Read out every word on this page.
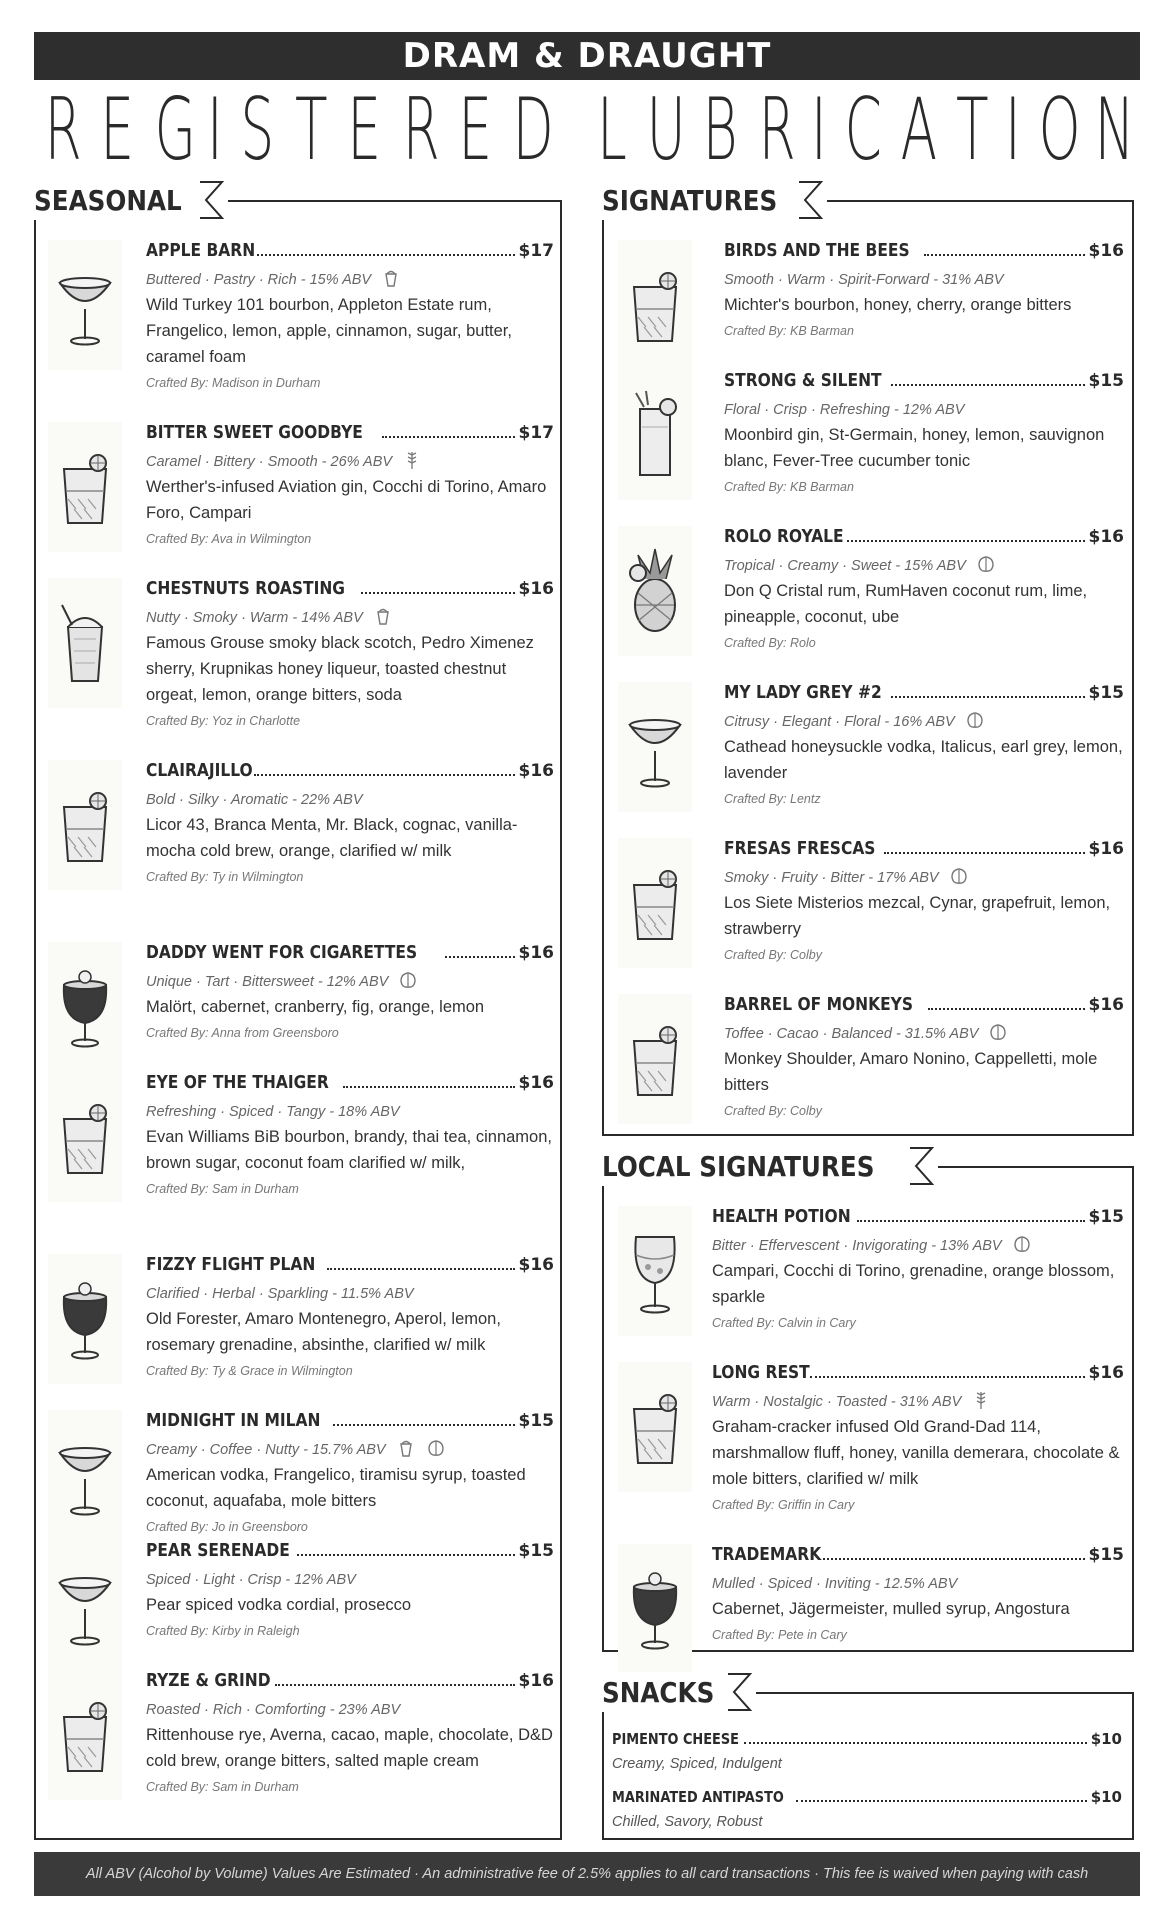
DRAM & DRAUGHT
R E G I S T E R E D
L U B R I C A T I O N
SEASONAL
APPLE BARN	$17
Buttered · Pastry · Rich - 15% ABV
Wild Turkey 101 bourbon, Appleton Estate rum, Frangelico, lemon, apple, cinnamon, sugar, butter, caramel foam
Crafted By: Madison in Durham
BITTER SWEET GOODBYE	$17
Caramel · Bittery · Smooth - 26% ABV
Werther's-infused Aviation gin, Cocchi di Torino, Amaro Foro, Campari
Crafted By: Ava in Wilmington
CHESTNUTS ROASTING	$16
Nutty · Smoky · Warm - 14% ABV
Famous Grouse smoky black scotch, Pedro Ximenez sherry, Krupnikas honey liqueur, toasted chestnut orgeat, lemon, orange bitters, soda
Crafted By: Yoz in Charlotte
CLAIRAJILLO	$16
Bold · Silky · Aromatic - 22% ABV
Licor 43, Branca Menta, Mr. Black, cognac, vanilla-mocha cold brew, orange, clarified w/ milk
Crafted By: Ty in Wilmington
DADDY WENT FOR CIGARETTES	$16
Unique · Tart · Bittersweet - 12% ABV
Malört, cabernet, cranberry, fig, orange, lemon
Crafted By: Anna from Greensboro
EYE OF THE THAIGER	$16
Refreshing · Spiced · Tangy - 18% ABV
Evan Williams BiB bourbon, brandy, thai tea, cinnamon, brown sugar, coconut foam clarified w/ milk,
Crafted By: Sam in Durham
FIZZY FLIGHT PLAN	$16
Clarified · Herbal · Sparkling - 11.5% ABV
Old Forester, Amaro Montenegro, Aperol, lemon, rosemary grenadine, absinthe, clarified w/ milk
Crafted By: Ty & Grace in Wilmington
MIDNIGHT IN MILAN	$15
Creamy · Coffee · Nutty - 15.7% ABV
American vodka, Frangelico, tiramisu syrup, toasted coconut, aquafaba, mole bitters
Crafted By: Jo in Greensboro
PEAR SERENADE	$15
Spiced · Light · Crisp - 12% ABV
Pear spiced vodka cordial, prosecco
Crafted By: Kirby in Raleigh
RYZE & GRIND	$16
Roasted · Rich · Comforting - 23% ABV
Rittenhouse rye, Averna, cacao, maple, chocolate, D&D cold brew, orange bitters, salted maple cream
Crafted By: Sam in Durham
SIGNATURES
BIRDS AND THE BEES	$16
Smooth · Warm · Spirit-Forward - 31% ABV
Michter's bourbon, honey, cherry, orange bitters
Crafted By: KB Barman
STRONG & SILENT	$15
Floral · Crisp · Refreshing - 12% ABV
Moonbird gin, St-Germain, honey, lemon, sauvignon blanc, Fever-Tree cucumber tonic
Crafted By: KB Barman
ROLO ROYALE	$16
Tropical · Creamy · Sweet - 15% ABV
Don Q Cristal rum, RumHaven coconut rum, lime, pineapple, coconut, ube
Crafted By: Rolo
MY LADY GREY #2	$15
Citrusy · Elegant · Floral - 16% ABV
Cathead honeysuckle vodka, Italicus, earl grey, lemon, lavender
Crafted By: Lentz
FRESAS FRESCAS	$16
Smoky · Fruity · Bitter - 17% ABV
Los Siete Misterios mezcal, Cynar, grapefruit, lemon, strawberry
Crafted By: Colby
BARREL OF MONKEYS	$16
Toffee · Cacao · Balanced - 31.5% ABV
Monkey Shoulder, Amaro Nonino, Cappelletti, mole bitters
Crafted By: Colby
LOCAL SIGNATURES
HEALTH POTION	$15
Bitter · Effervescent · Invigorating - 13% ABV
Campari, Cocchi di Torino, grenadine, orange blossom, sparkle
Crafted By: Calvin in Cary
LONG REST	$16
Warm · Nostalgic · Toasted - 31% ABV
Graham-cracker infused Old Grand-Dad 114, marshmallow fluff, honey, vanilla demerara, chocolate & mole bitters, clarified w/ milk
Crafted By: Griffin in Cary
TRADEMARK	$15
Mulled · Spiced · Inviting - 12.5% ABV
Cabernet, Jägermeister, mulled syrup, Angostura
Crafted By: Pete in Cary
SNACKS
PIMENTO CHEESE	$10
Creamy, Spiced, Indulgent
MARINATED ANTIPASTO	$10
Chilled, Savory, Robust
All ABV (Alcohol by Volume) Values Are Estimated · An administrative fee of 2.5% applies to all card transactions · This fee is waived when paying with cash
